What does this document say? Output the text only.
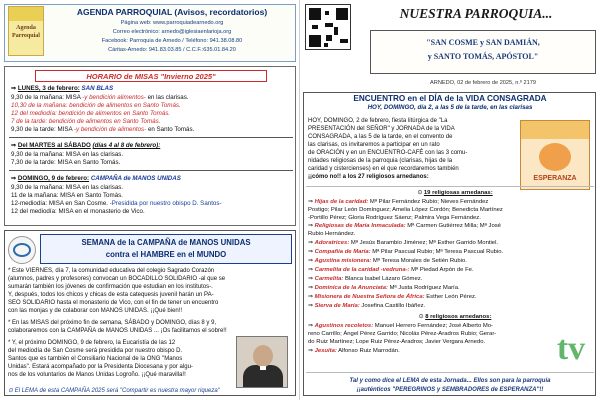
Agenda
Parroquial
AGENDA PARROQUIAL (Avisos, recordatorios)
Página web: www.parroquiadearnedo.org
Correo electrónico: arnedo@iglesiaenlarioja.org
Facebook: Parroquia de Arnedo / Teléfono: 941.38.08.80
Cáritas-Arnedo: 941.83.03.85 / C.C.F.:635.01.84.20
HORARIO de MISAS "Invierno 2025"
⇒ LUNES, 3 de febrero: SAN BLAS
9,30 de la mañana: MISA -y bendición alimentos- en las clarisas.
10,30 de la mañana: bendición de alimentos en Santo Tomás.
12 del mediodía: bendición de alimentos en Santo Tomás.
7 de la tarde: bendición de alimentos en Santo Tomás.
9,30 de la tarde: MISA -y bendición de alimentos- en Santo Tomás.
⇒ Del MARTES al SÁBADO (días 4 al 8 de febrero):
9,30 de la mañana: MISA en las clarisas.
7,30 de la tarde: MISA en Santo Tomás.
⇒ DOMINGO, 9 de febrero: CAMPAÑA de MANOS UNIDAS
9,30 de la mañana: MISA en las clarisas.
11 de la mañana: MISA en Santo Tomás.
12-mediodía: MISA en San Cosme. -Presidida por nuestro obispo D. Santos-
12 del mediodía: MISA en el monasterio de Vico.
SEMANA de la CAMPAÑA de MANOS UNIDAS
contra el HAMBRE en el MUNDO
* Este VIERNES, día 7, la comunidad educativa del colegio Sagrado Corazón
(alumnos, padres y profesores) convocan un BOCADILLO SOLIDARIO -al que se
sumarán también los jóvenes de confirmación que estudian en los institutos-.
Y, después, todos los chicos y chicas de esta catequesis juvenil harán un PA-
SEO SOLIDARIO hasta el monasterio de Vico, con el fin de tener un encuentro
con las monjas y de colaborar con MANOS UNIDAS. ¡¡Qué bien!!
* En las MISAS del próximo fin de semana, SÁBADO y DOMINGO, días 8 y 9,
colaboraremos con la CAMPAÑA de MANOS UNIDAS ... ¡Os facilitamos el sobre!!
* Y, el próximo DOMINGO, 9 de febrero, la Eucaristía de las 12
del mediodía de San Cosme será presidida por nuestro obispo D.
Santos que es también el Consiliario Nacional de la ONG "Manos
Unidas". Estará acompañado por la Presidenta Diocesana y por algu-
nos de los voluntarios de Manos Unidas Logroño. ¡¡Qué maravilla!!
⊙ El LEMA de esta CAMPAÑA 2025 será "Compartir es nuestra mayor riqueza"
NUESTRA PARROQUIA...
"SAN COSME y SAN DAMIÁN,
y SANTO TOMÁS, APÓSTOL"
ARNEDO, 02 de febrero de 2025, n.º 2179
ENCUENTRO en el DÍA de la VIDA CONSAGRADA
HOY, DOMINGO, día 2, a las 5 de la tarde, en las clarisas
HOY, DOMINGO, 2 de febrero, fiesta litúrgica de "La
PRESENTACIÓN del SEÑOR" y JORNADA de la VIDA
CONSAGRADA, a las 5 de la tarde, en el convento de
las clarisas, os invitaremos a participar en un rato
de ORACIÓN y en un ENCUENTRO-CAFÉ con las 3 comu-
nidades religiosas de la parroquia (clarisas, hijas de la
caridad y cistercienses) en el que recordaremos también
¡¡cómo no!! a los 27 religiosos arnedanos:	ESPERANZA
⊙ 19 religiosas arnedanas:
⇒ Hijas de la caridad: Mª Pilar Fernández Rubio; Nieves Fernández
Postigo; Pilar León Domínguez; Amelia López Cordón; Benedicta Martínez
-Portillo Pérez; Gloria Rodríguez Sáenz; Palmira Vega Fernández.
⇒ Religiosas de María Inmaculada: Mª Carmen Gutiérrez Milla; Mª José
Rubio Hernández.
⇒ Adoratrices: Mª Jesús Barambio Jiménez; Mª Esther Garrido Montiel.
⇒ Compañía de María: Mª Pilar Pascual Rubio; Mª Teresa Pascual Rubio.
⇒ Agustina misionera: Mª Teresa Morales de Setién Rubio.
⇒ Carmelita de la caridad -vedruna-: Mª Piedad Arpón de Fe.
⇒ Carmelita: Blanca Isabel Lázaro Gómez.
⇒ Dominica de la Anunciata: Mª Justa Rodríguez María.
⇒ Misionera de Nuestra Señora de África: Esther León Pérez.
⇒ Sierva de María: Josefina Castillo Ibáñez.
⊙ 8 religiosos arnedanos:
⇒ Agustinos recoletos: Manuel Herrero Fernández; José Alberto Mo-
reno Carrillo; Ángel Pérez Garrido; Nicolás Pérez-Aradros Rubio; Gerar-
do Ruiz Martínez; Lope Ruiz Pérez-Aradros; Javier Vergara Arnedo.
⇒ Jesuita: Alfonso Ruiz Marrodán.	tv
Tal y como dice el LEMA de esta Jornada... Ellos son para la parroquia
¡¡auténticos "PEREGRINOS y SEMBRADORES de ESPERANZA"!!
